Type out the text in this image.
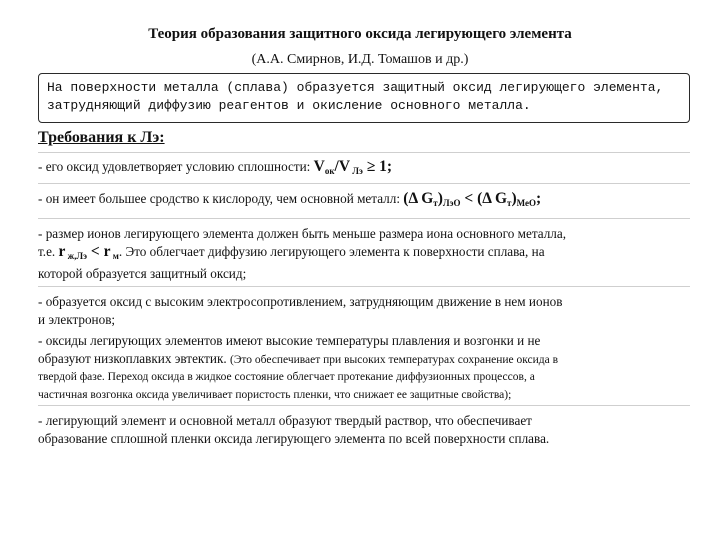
Теория образования защитного оксида легирующего элемента
(А.А. Смирнов, И.Д. Томашов и др.)
На поверхности металла (сплава) образуется защитный оксид легирующего элемента,
затрудняющий диффузию реагентов и окисление основного металла.
Требования к Лэ:
- его оксид удовлетворяет условию сплошности: $V_{ок}/V$ $_{Лэ}$ ≥ 1;
- он имеет большее сродство к кислороду, чем основной металл: (Δ $G_т)_{ЛэО} < (\Delta$ $G_т)_{МеО}$;
- размер ионов легирующего элемента должен быть меньше размера иона основного металла,
т.е. r $_{ж,Лэ}$ < r $_м$. Это облегчает диффузию легирующего элемента к поверхности сплава, на
которой образуется защитный оксид;
- образуется оксид с высоким электросопротивлением, затрудняющим движение в нем ионов
и электронов;
- оксиды легирующих элементов имеют высокие температуры плавления и возгонки и не
образуют низкоплавких эвтектик. (Это обеспечивает при высоких температурах сохранение оксида в
твердой фазе. Переход оксида в жидкое состояние облегчает протекание диффузионных процессов, а
частичная возгонка оксида увеличивает пористость пленки, что снижает ее защитные свойства);
- легирующий элемент и основной металл образуют твердый раствор, что обеспечивает
образование сплошной пленки оксида легирующего элемента по всей поверхности сплава.
